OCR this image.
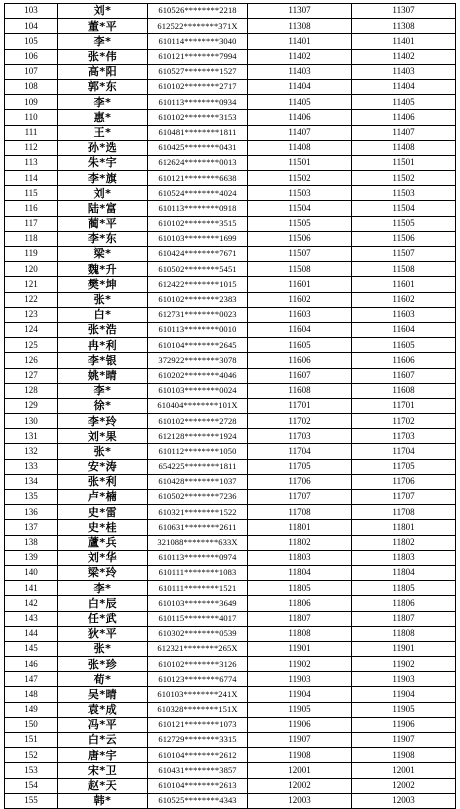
103	刘*	610526********2218	11307	11307
104	董*平	612522********371X	11308	11308
105	李*	610114********3040	11401	11401
106	张*伟	610121********7994	11402	11402
107	高*阳	610527********1527	11403	11403
108	郭*东	610102********2717	11404	11404
109	李*	610113********0934	11405	11405
110	惠*	610102********3153	11406	11406
111	王*	610481********1811	11407	11407
112	孙*选	610425********0431	11408	11408
113	朱*宇	612624********0013	11501	11501
114	李*旗	610121********6638	11502	11502
115	刘*	610524********4024	11503	11503
116	陆*富	610113********0918	11504	11504
117	蔺*平	610102********3515	11505	11505
118	李*东	610103********1699	11506	11506
119	梁*	610424********7671	11507	11507
120	魏*升	610502********5451	11508	11508
121	樊*坤	612422********1015	11601	11601
122	张*	610102********2383	11602	11602
123	白*	612731********0023	11603	11603
124	张*浩	610113********0010	11604	11604
125	冉*利	610104********2645	11605	11605
126	李*银	372922********3078	11606	11606
127	姚*晴	610202********4046	11607	11607
128	李*	610103********0024	11608	11608
129	徐*	610404********101X	11701	11701
130	李*玲	610102********2728	11702	11702
131	刘*果	612128********1924	11703	11703
132	张*	610112********1050	11704	11704
133	安*涛	654225********1811	11705	11705
134	张*利	610428********1037	11706	11706
135	卢*楠	610502********7236	11707	11707
136	史*雷	610321********1522	11708	11708
137	史*桂	610631********2611	11801	11801
138	蘆*兵	321088********633X	11802	11802
139	刘*华	610113********0974	11803	11803
140	梁*玲	610111********1083	11804	11804
141	李*	610111********1521	11805	11805
142	白*辰	610103********3649	11806	11806
143	任*武	610115********4017	11807	11807
144	狄*平	610302********0539	11808	11808
145	张*	612321********265X	11901	11901
146	张*珍	610102********3126	11902	11902
147	荀*	610123********6774	11903	11903
148	吴*晴	610103********241X	11904	11904
149	袁*成	610328********151X	11905	11905
150	冯*平	610121********1073	11906	11906
151	白*云	612729********3315	11907	11907
152	唐*宇	610104********2612	11908	11908
153	宋*卫	610431********3857	12001	12001
154	赵*天	610104********2613	12002	12002
155	韩*	610525********4343	12003	12003
